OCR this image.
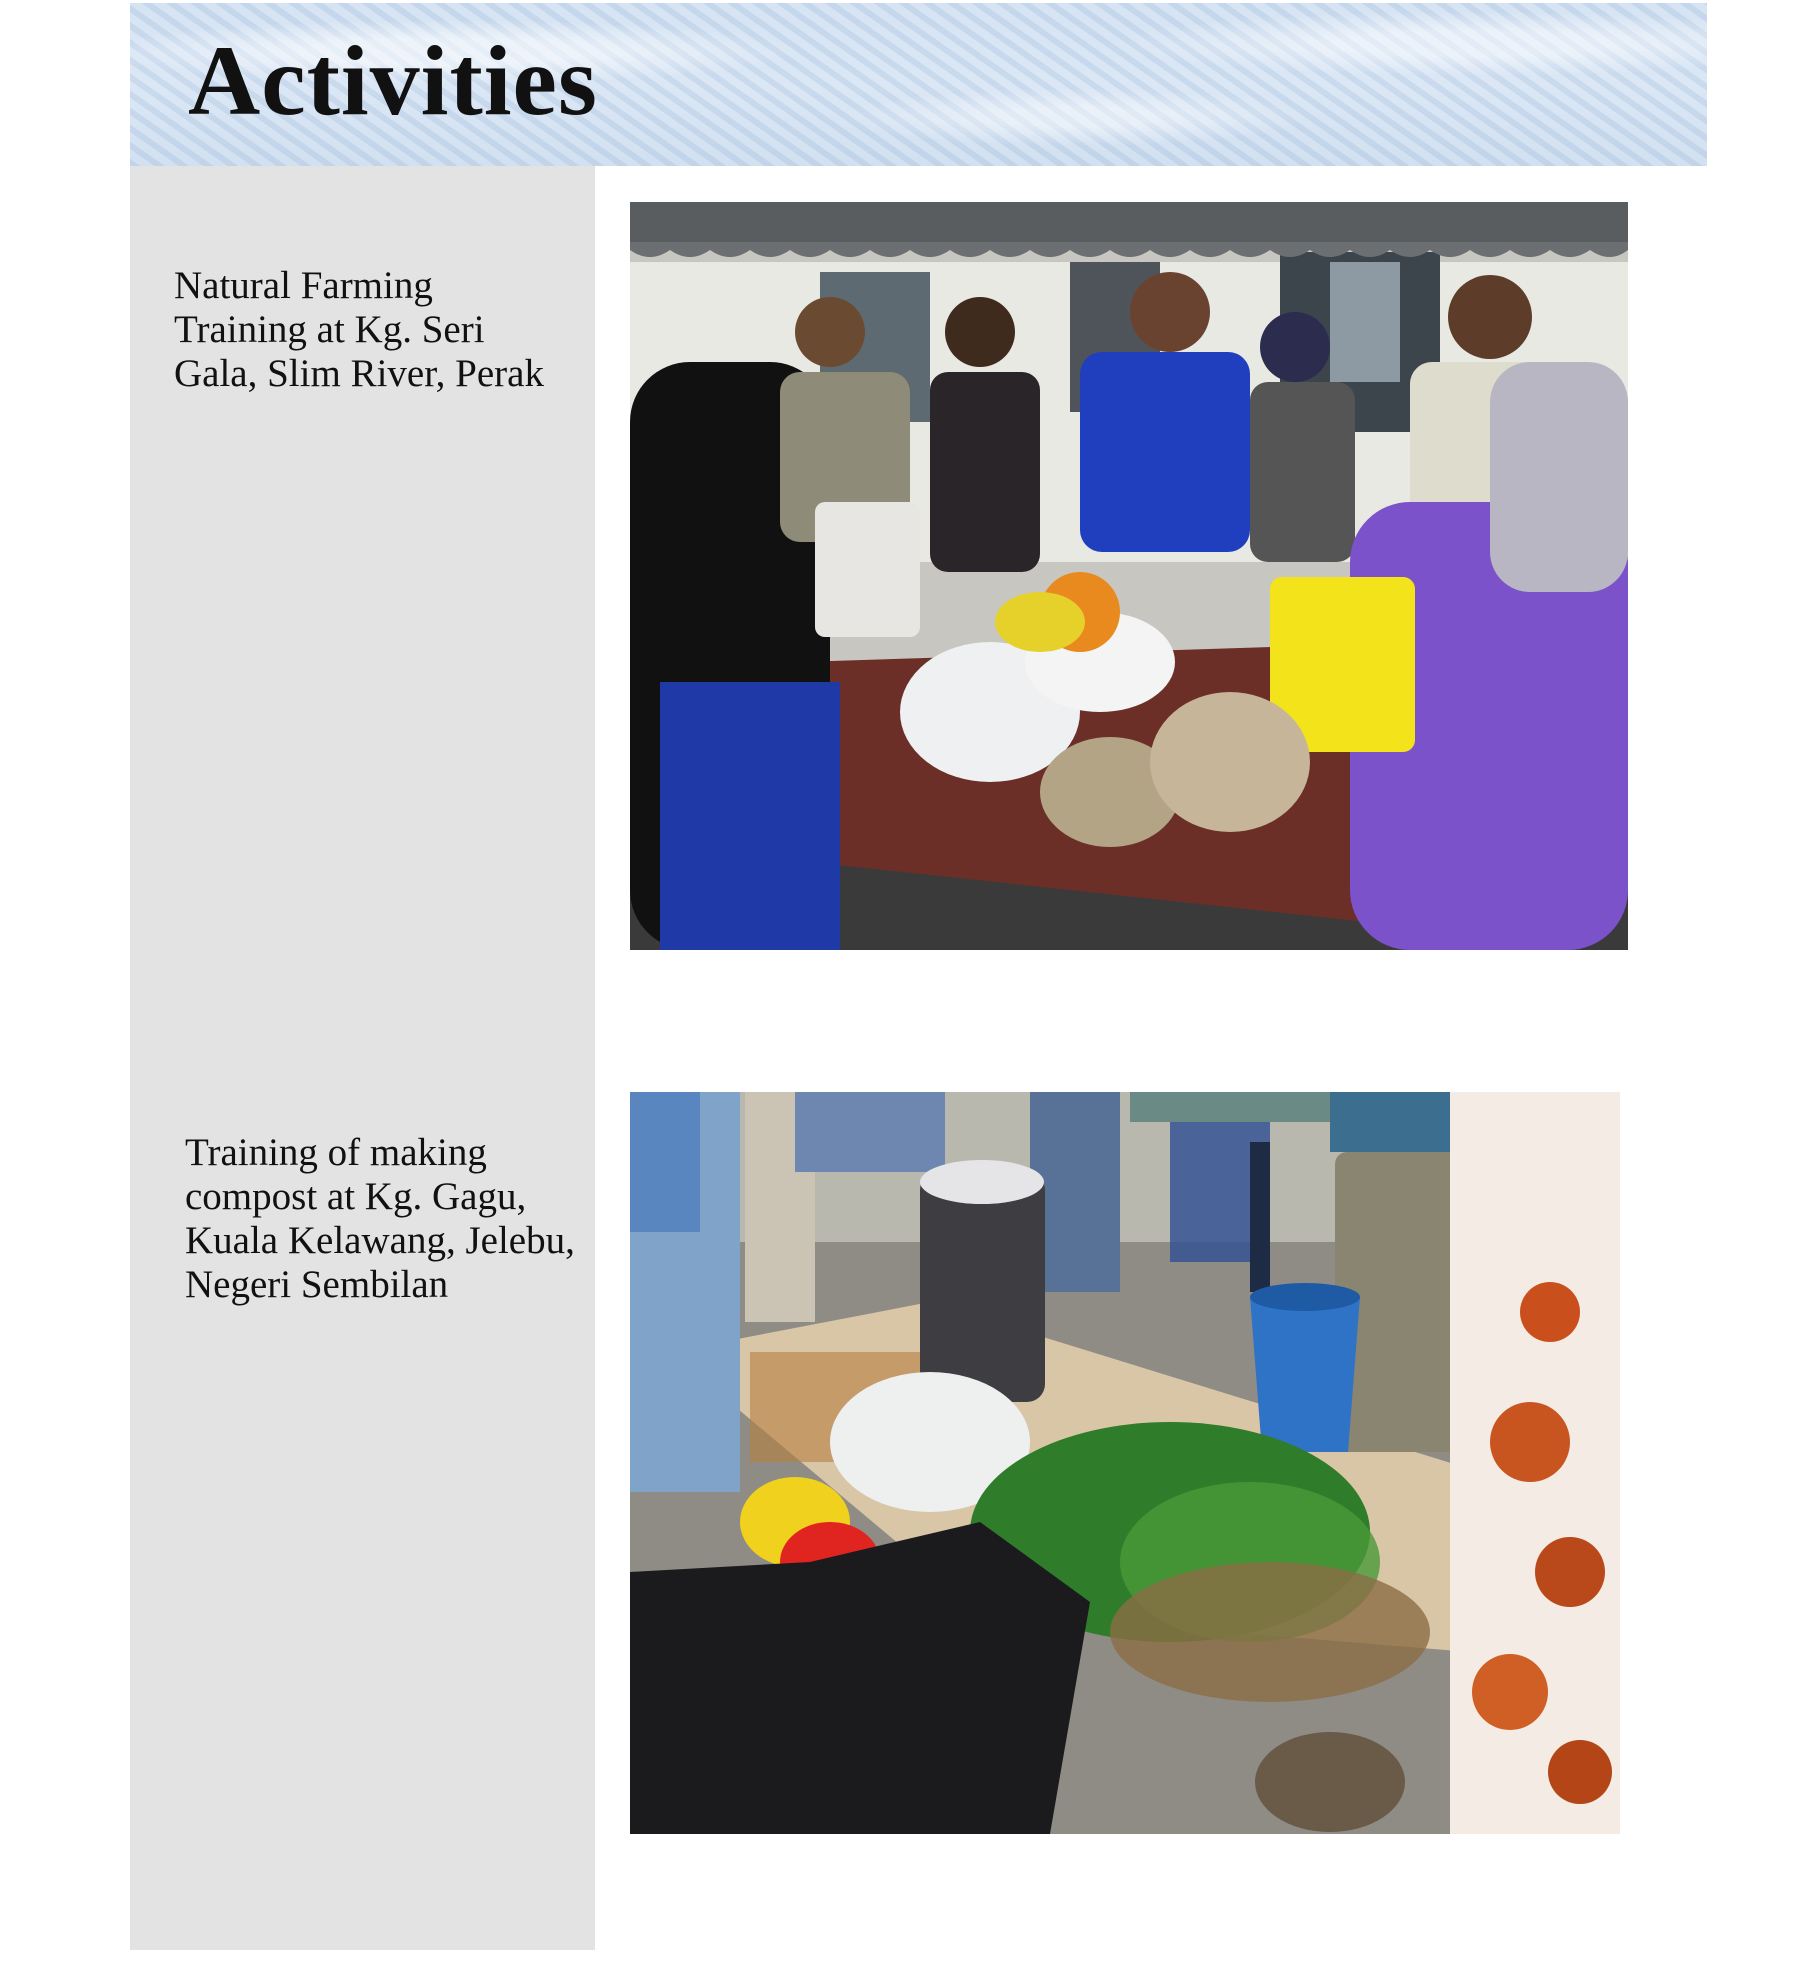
Activities

Natural Farming Training at Kg. Seri Gala, Slim River, Perak

Training of making compost at Kg. Gagu, Kuala Kelawang, Jelebu, Negeri Sembilan
